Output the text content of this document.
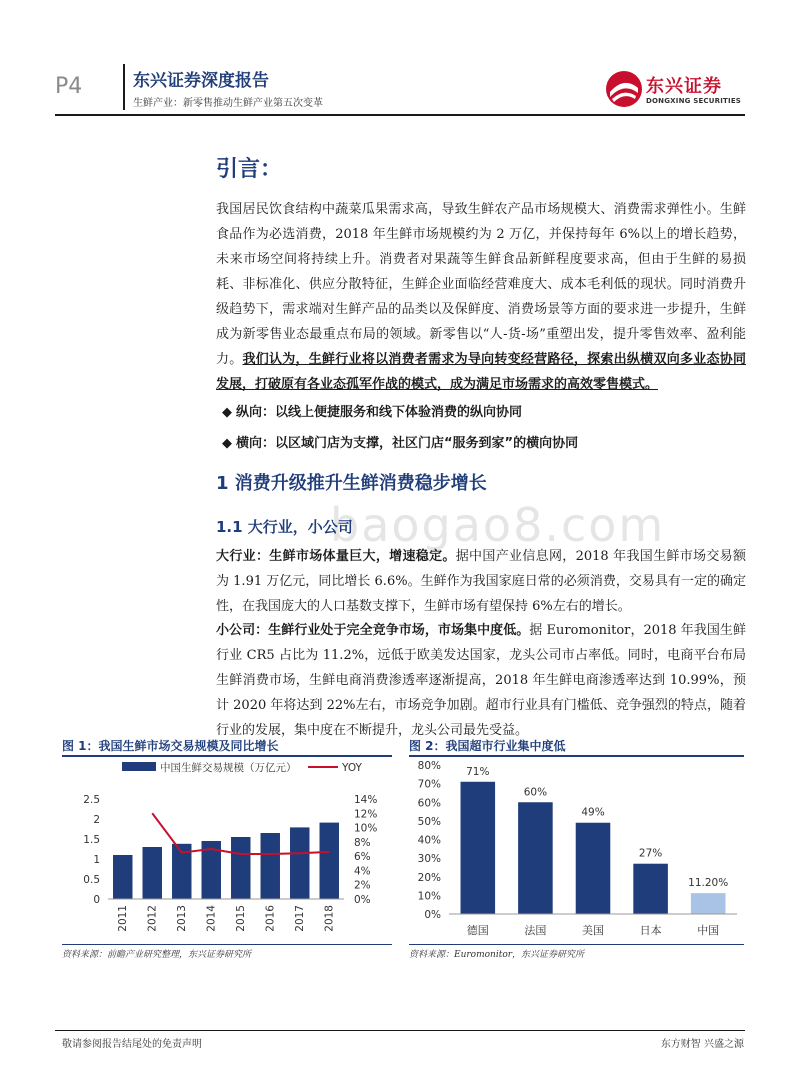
P4	东兴证券深度报告
生鲜产业：新零售推动生鲜产业第五次变革
东兴证券
DONGXING SECURITIES
baogao8.com
引言：
我国居民饮食结构中蔬菜瓜果需求高，导致生鲜农产品市场规模大、消费需求弹性小。生鲜食品作为必选消费，2018 年生鲜市场规模约为 2 万亿，并保持每年 6%以上的增长趋势，未来市场空间将持续上升。消费者对果蔬等生鲜食品新鲜程度要求高，但由于生鲜的易损耗、非标准化、供应分散特征，生鲜企业面临经营难度大、成本毛利低的现状。同时消费升级趋势下，需求端对生鲜产品的品类以及保鲜度、消费场景等方面的要求进一步提升，生鲜成为新零售业态最重点布局的领域。新零售以“人-货-场”重塑出发，提升零售效率、盈利能力。我们认为，生鲜行业将以消费者需求为导向转变经营路径，探索出纵横双向多业态协同发展，打破原有各业态孤军作战的模式，成为满足市场需求的高效零售模式。
◆ 纵向：以线上便捷服务和线下体验消费的纵向协同
◆ 横向：以区域门店为支撑，社区门店“服务到家”的横向协同
1 消费升级推升生鲜消费稳步增长
1.1 大行业，小公司
大行业：生鲜市场体量巨大，增速稳定。据中国产业信息网，2018 年我国生鲜市场交易额为 1.91 万亿元，同比增长 6.6%。生鲜作为我国家庭日常的必须消费，交易具有一定的确定性，在我国庞大的人口基数支撑下，生鲜市场有望保持 6%左右的增长。
小公司：生鲜行业处于完全竞争市场，市场集中度低。据 Euromonitor，2018 年我国生鲜行业 CR5 占比为 11.2%，远低于欧美发达国家，龙头公司市占率低。同时，电商平台布局生鲜消费市场，生鲜电商消费渗透率逐渐提高，2018 年生鲜电商渗透率达到 10.99%，预计 2020 年将达到 22%左右，市场竞争加剧。超市行业具有门槛低、竞争强烈的特点，随着行业的发展，集中度在不断提升，龙头公司最先受益。
图 1：我国生鲜市场交易规模及同比增长
中国生鲜交易规模（万亿元）	YOY
0
0.5
1
1.5
2
2.5
0%
2%
4%
6%
8%
10%
12%
14%
2011 2012 2013 2014 2015 2016 2017 2018
资料来源：前瞻产业研究整理，东兴证券研究所
图 2：我国超市行业集中度低
0%
10%
20%
30%
40%
50%
60%
70%
80% 71%
德国
60%
法国
49%
美国
27%
日本
11.20%
中国
资料来源：Euromonitor，东兴证券研究所
敬请参阅报告结尾处的免责声明	东方财智 兴盛之源
